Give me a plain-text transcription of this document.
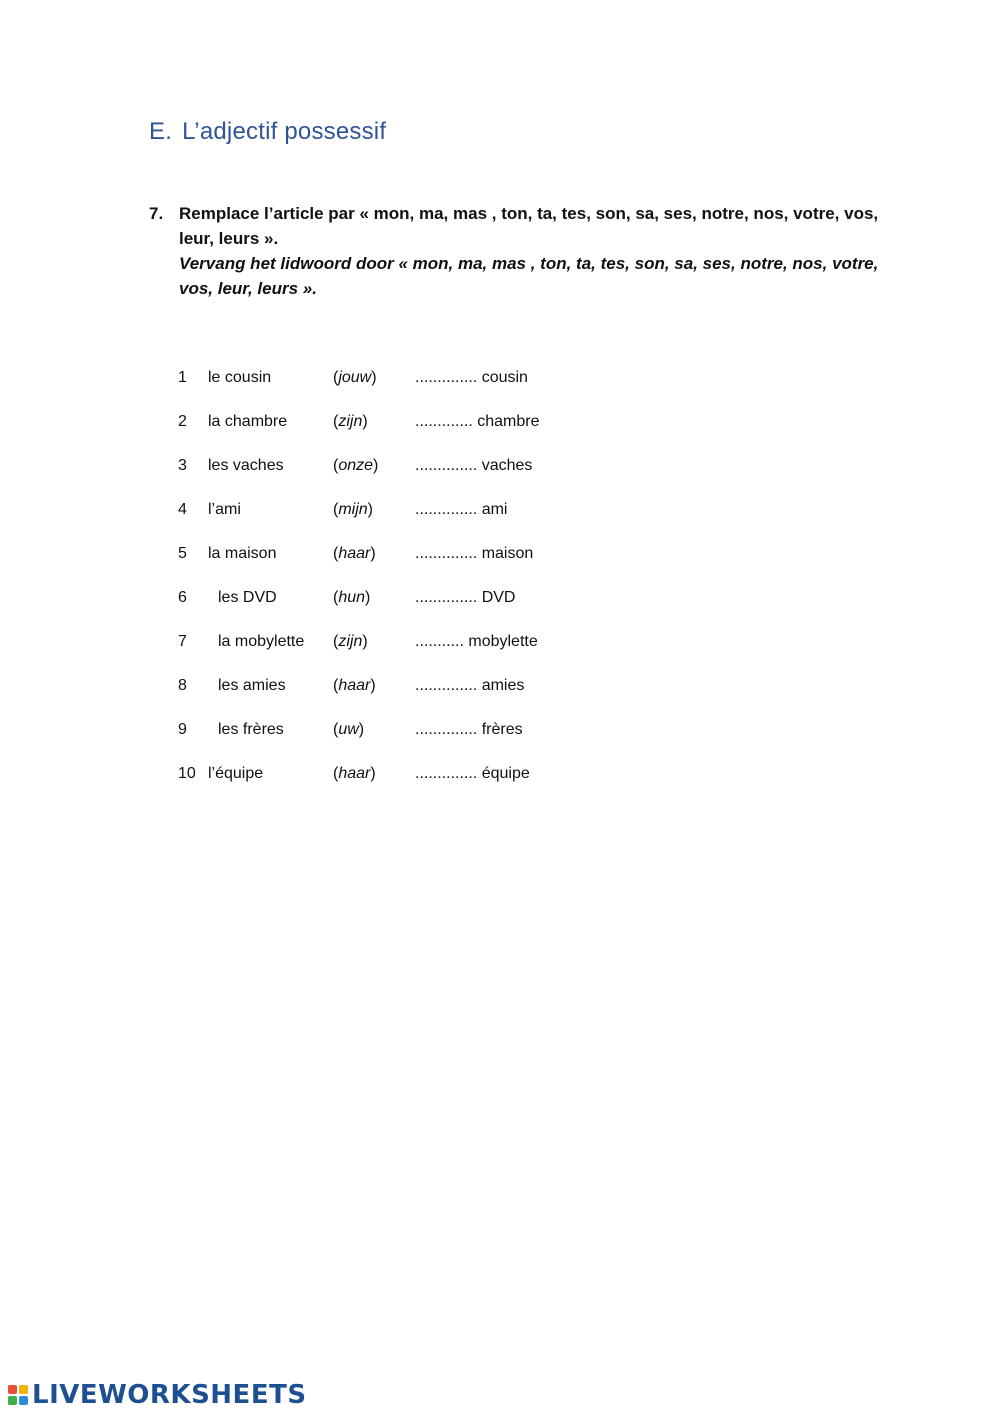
E. L’adjectif possessif
7. Remplace l’article par « mon, ma, mas , ton, ta, tes, son, sa, ses, notre, nos, votre, vos, leur, leurs ».
Vervang het lidwoord door « mon, ma, mas , ton, ta, tes, son, sa, ses, notre, nos, votre, vos, leur, leurs ».
1 le cousin	(jouw) .............. cousin
2 la chambre	(zijn)	............. chambre
3 les vaches	(onze) .............. vaches
4 l’ami	(mijn)	.............. ami
5 la maison	(haar) .............. maison
6 les DVD	(hun)	.............. DVD
7 la mobylette (zijn)	........... mobylette
8 les amies	(haar) .............. amies
9 les frères	(uw)	.............. frères
10 l’équipe	(haar) .............. équipe
LIVEWORKSHEETS
